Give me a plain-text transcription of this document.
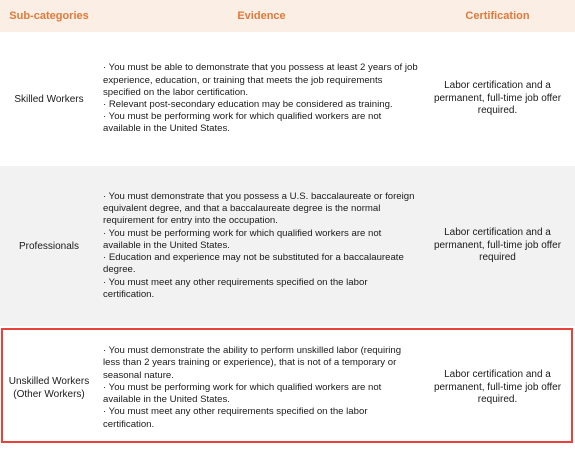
Sub-categories	Evidence	Certification
Skilled Workers
· You must be able to demonstrate that you possess at least 2 years of job experience, education, or training that meets the job requirements specified on the labor certification.
· Relevant post-secondary education may be considered as training.
· You must be performing work for which qualified workers are not available in the United States.
Labor certification and a permanent, full-time job offer required.
Professionals
· You must demonstrate that you possess a U.S. baccalaureate or foreign equivalent degree, and that a baccalaureate degree is the normal requirement for entry into the occupation.
· You must be performing work for which qualified workers are not available in the United States.
· Education and experience may not be substituted for a baccalaureate degree.
· You must meet any other requirements specified on the labor certification.
Labor certification and a permanent, full-time job offer required
Unskilled Workers (Other Workers)
· You must demonstrate the ability to perform unskilled labor (requiring less than 2 years training or experience), that is not of a temporary or seasonal nature.
· You must be performing work for which qualified workers are not available in the United States.
· You must meet any other requirements specified on the labor certification.
Labor certification and a permanent, full-time job offer required.
